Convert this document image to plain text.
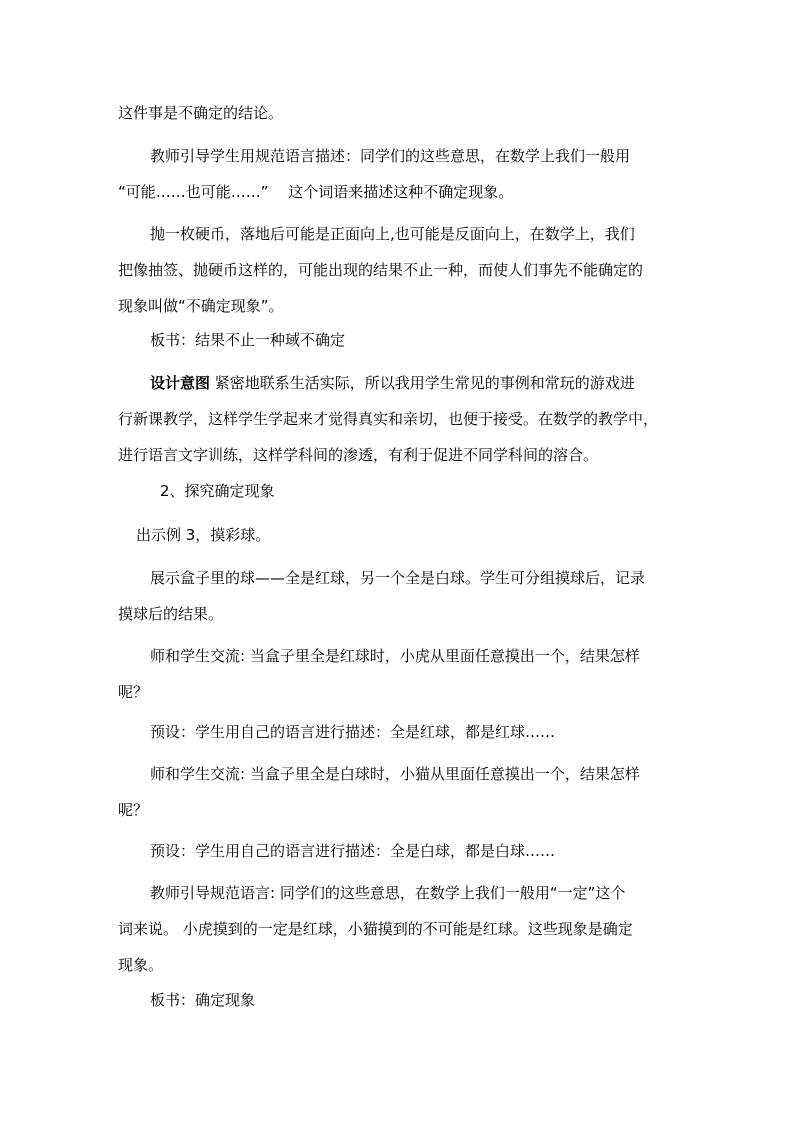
这件事是不确定的结论。
教师引导学生用规范语言描述：同学们的这些意思，在数学上我们一般用
“可能……也可能……”　 这个词语来描述这种不确定现象。
抛一枚硬币，落地后可能是正面向上,也可能是反面向上，在数学上，我们
把像抽签、抛硬币这样的，可能出现的结果不止一种，而使人们事先不能确定的
现象叫做“不确定现象”。
板书：结果不止一种琙不确定
设计意图 紧密地联系生活实际，所以我用学生常见的事例和常玩的游戏进
行新课教学，这样学生学起来才觉得真实和亲切，也便于接受。在数学的教学中，
进行语言文字训练，这样学科间的渗透，有利于促进不同学科间的溶合。
2、探究确定现象
出示例 3，摸彩球。
展示盒子里的球——全是红球，另一个全是白球。学生可分组摸球后，记录
摸球后的结果。
师和学生交流: 当盒子里全是红球时，小虎从里面任意摸出一个，结果怎样
呢？
预设：学生用自己的语言进行描述：全是红球，都是红球……
师和学生交流: 当盒子里全是白球时，小猫从里面任意摸出一个，结果怎样
呢？
预设：学生用自己的语言进行描述：全是白球，都是白球……
教师引导规范语言: 同学们的这些意思，在数学上我们一般用“一定”这个
词来说。 小虎摸到的一定是红球，小猫摸到的不可能是红球。这些现象是确定
现象。
板书：确定现象
